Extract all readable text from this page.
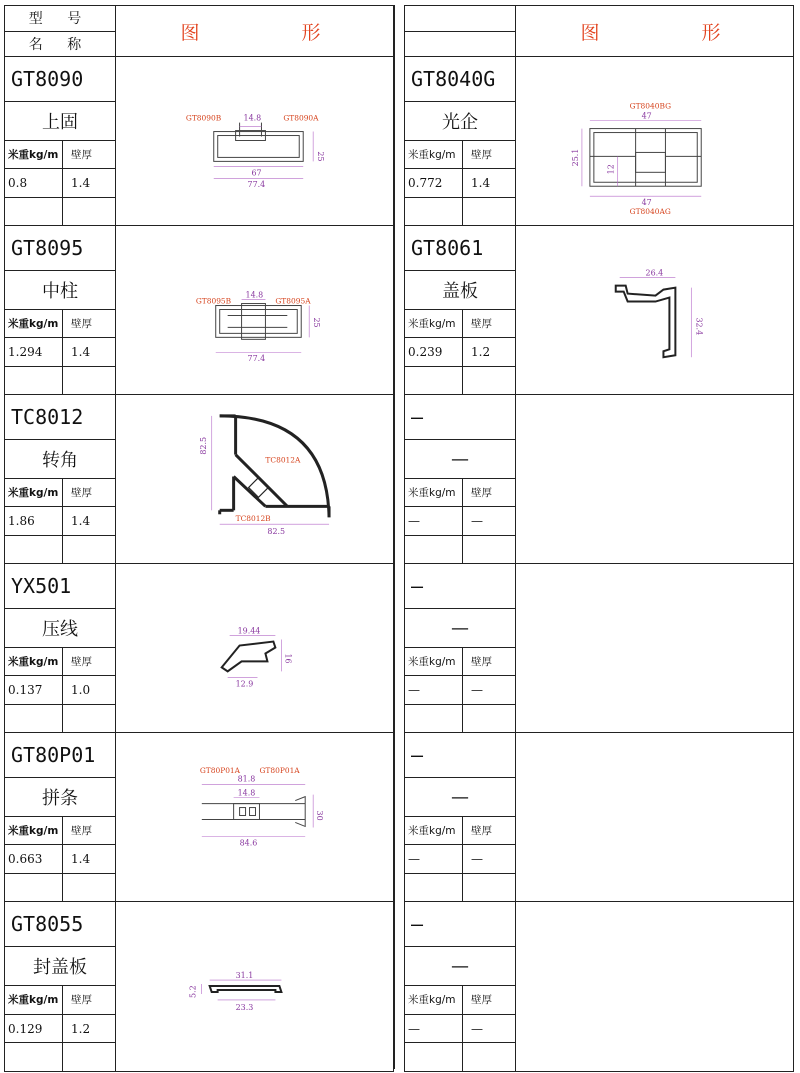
型 号
名 称
图 形
GT8090
上固
米重kg/m	壁厚
0.8	1.4
14.8
25
67
77.4
GT8090B	GT8090A
GT8095
中柱
米重kg/m	壁厚
1.294	1.4
14.8
25
77.4
GT8095B	GT8095A
TC8012
转角
米重kg/m	壁厚
1.86	1.4
82.5
82.5
TC8012A
TC8012B
YX501
压线
米重kg/m	壁厚
0.137	1.0
19.44
16
12.9
GT80P01
拼条
米重kg/m	壁厚
0.663	1.4
81.8
14.8
30
84.6
GT80P01A	GT80P01A
GT8055
封盖板
米重kg/m	壁厚
0.129	1.2
31.1
5.2
23.3
图 形
GT8040G
光企
米重kg/m	壁厚
0.772	1.4
47
25.1
12
47
GT8040BG
GT8040AG
GT8061
盖板
米重kg/m	壁厚
0.239	1.2
26.4
32.4
—
—
米重kg/m	壁厚
—	—
—
—
米重kg/m	壁厚
—	—
—
—
米重kg/m	壁厚
—	—
—
—
米重kg/m	壁厚
—	—
